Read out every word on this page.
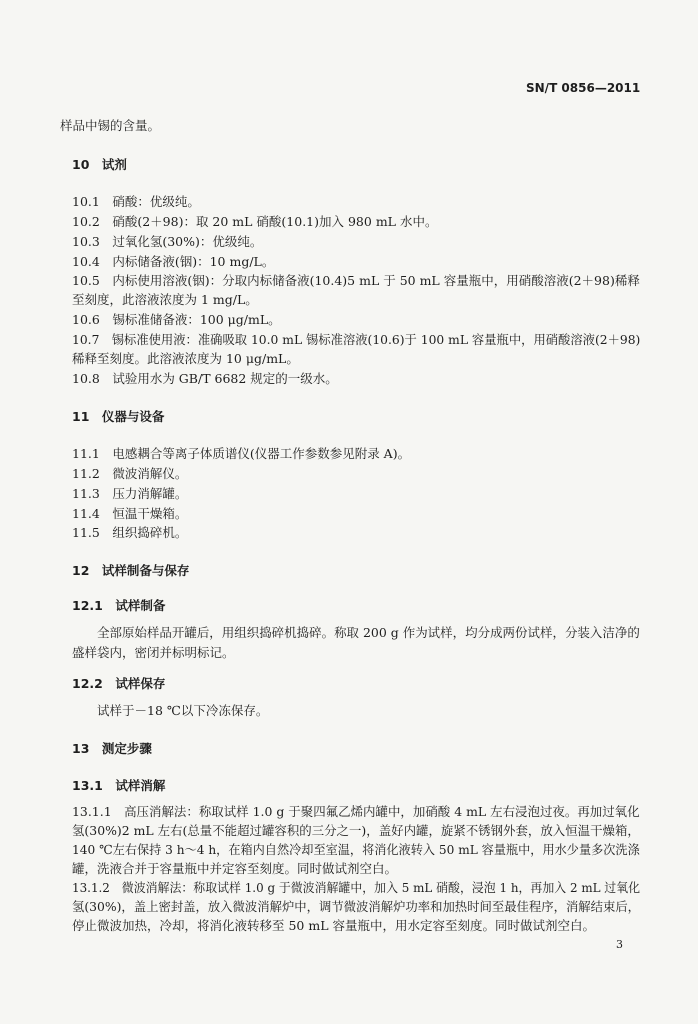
SN/T 0856—2011
样品中锡的含量。
10　试剂
10.1　硝酸：优级纯。
10.2　硝酸(2＋98)：取 20 mL 硝酸(10.1)加入 980 mL 水中。
10.3　过氧化氢(30%)：优级纯。
10.4　内标储备液(铟)：10 mg/L。
10.5　内标使用溶液(铟)：分取内标储备液(10.4)5 mL 于 50 mL 容量瓶中，用硝酸溶液(2＋98)稀释
至刻度，此溶液浓度为 1 mg/L。
10.6　锡标准储备液：100 μg/mL。
10.7　锡标准使用液：准确吸取 10.0 mL 锡标准溶液(10.6)于 100 mL 容量瓶中，用硝酸溶液(2＋98)
稀释至刻度。此溶液浓度为 10 μg/mL。
10.8　试验用水为 GB/T 6682 规定的一级水。
11　仪器与设备
11.1　电感耦合等离子体质谱仪(仪器工作参数参见附录 A)。
11.2　微波消解仪。
11.3　压力消解罐。
11.4　恒温干燥箱。
11.5　组织捣碎机。
12　试样制备与保存
12.1　试样制备
全部原始样品开罐后，用组织捣碎机捣碎。称取 200 g 作为试样，均分成两份试样，分装入洁净的
盛样袋内，密闭并标明标记。
12.2　试样保存
试样于－18 ℃以下冷冻保存。
13　测定步骤
13.1　试样消解
13.1.1　高压消解法：称取试样 1.0 g 于聚四氟乙烯内罐中，加硝酸 4 mL 左右浸泡过夜。再加过氧化
氢(30%)2 mL 左右(总量不能超过罐容积的三分之一)，盖好内罐，旋紧不锈钢外套，放入恒温干燥箱，
140 ℃左右保持 3 h～4 h，在箱内自然冷却至室温，将消化液转入 50 mL 容量瓶中，用水少量多次洗涤
罐，洗液合并于容量瓶中并定容至刻度。同时做试剂空白。
13.1.2　微波消解法：称取试样 1.0 g 于微波消解罐中，加入 5 mL 硝酸，浸泡 1 h，再加入 2 mL 过氧化
氢(30%)，盖上密封盖，放入微波消解炉中，调节微波消解炉功率和加热时间至最佳程序，消解结束后，
停止微波加热，冷却，将消化液转移至 50 mL 容量瓶中，用水定容至刻度。同时做试剂空白。
3
